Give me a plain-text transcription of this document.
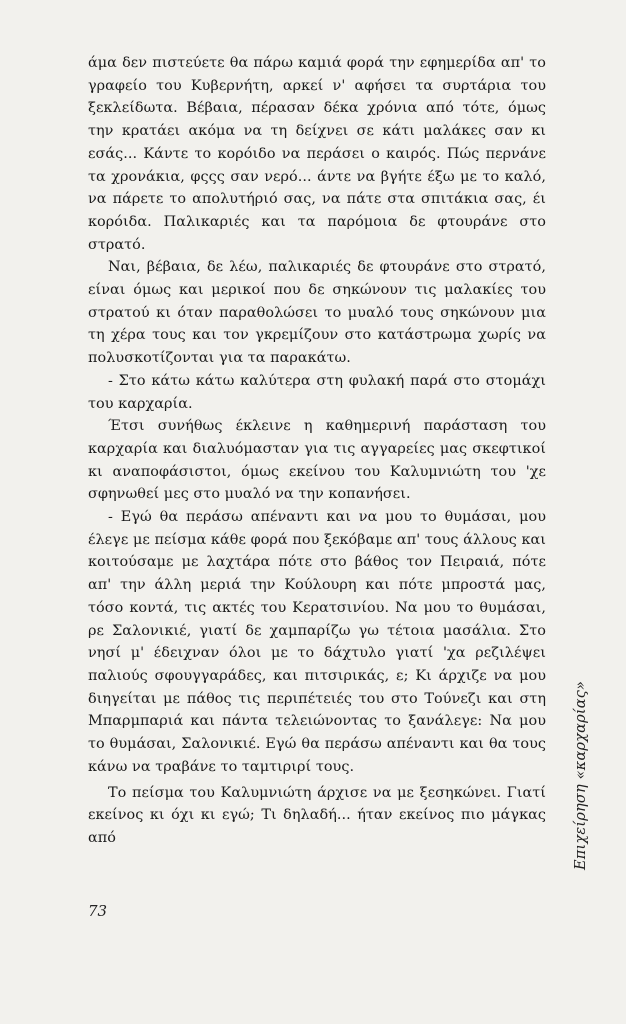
άμα δεν πιστεύετε θα πάρω καμιά φορά την εφημερίδα απ' το γραφείο του Κυβερνήτη, αρκεί ν' αφήσει τα συρτάρια του ξεκλείδωτα. Βέβαια, πέρασαν δέκα χρόνια από τότε, όμως την κρατάει ακόμα να τη δείχνει σε κάτι μαλάκες σαν κι εσάς... Κάντε το κορόιδο να περάσει ο καιρός. Πώς περνάνε τα χρονάκια, φςςς σαν νερό... άντε να βγήτε έξω με το καλό, να πάρετε το απολυτήριό σας, να πάτε στα σπιτάκια σας, έι κορόιδα. Παλικαριές και τα παρόμοια δε φτουράνε στο στρατό.

Ναι, βέβαια, δε λέω, παλικαριές δε φτουράνε στο στρατό, είναι όμως και μερικοί που δε σηκώνουν τις μαλακίες του στρατού κι όταν παραθολώσει το μυαλό τους σηκώνουν μια τη χέρα τους και τον γκρεμίζουν στο κατάστρωμα χωρίς να πολυσκοτίζονται για τα παρακάτω.

- Στο κάτω κάτω καλύτερα στη φυλακή παρά στο στομάχι του καρχαρία.

Έτσι συνήθως έκλεινε η καθημερινή παράσταση του καρχαρία και διαλυόμασταν για τις αγγαρείες μας σκεφτικοί κι αναποφάσιστοι, όμως εκείνου του Καλυμνιώτη του 'χε σφηνωθεί μες στο μυαλό να την κοπανήσει.

- Εγώ θα περάσω απέναντι και να μου το θυμάσαι, μου έλεγε με πείσμα κάθε φορά που ξεκόβαμε απ' τους άλλους και κοιτούσαμε με λαχτάρα πότε στο βάθος τον Πειραιά, πότε απ' την άλλη μεριά την Κούλουρη και πότε μπροστά μας, τόσο κοντά, τις ακτές του Κερατσινίου. Να μου το θυμάσαι, ρε Σαλονικιέ, γιατί δε χαμπαρίζω γω τέτοια μασάλια. Στο νησί μ' έδειχναν όλοι με το δάχτυλο γιατί 'χα ρεζιλέψει παλιούς σφουγγαράδες, και πιτσιρικάς, ε; Κι άρχιζε να μου διηγείται με πάθος τις περιπέτειές του στο Τούνεζι και στη Μπαρμπαριά και πάντα τελειώνοντας το ξανάλεγε: Να μου το θυμάσαι, Σαλονικιέ. Εγώ θα περάσω απέναντι και θα τους κάνω να τραβάνε το ταμτιριρί τους.

Το πείσμα του Καλυμνιώτη άρχισε να με ξεσηκώνει. Γιατί εκείνος κι όχι κι εγώ; Τι δηλαδή... ήταν εκείνος πιο μάγκας από

73
Επιχείρηση «καρχαρίας»
